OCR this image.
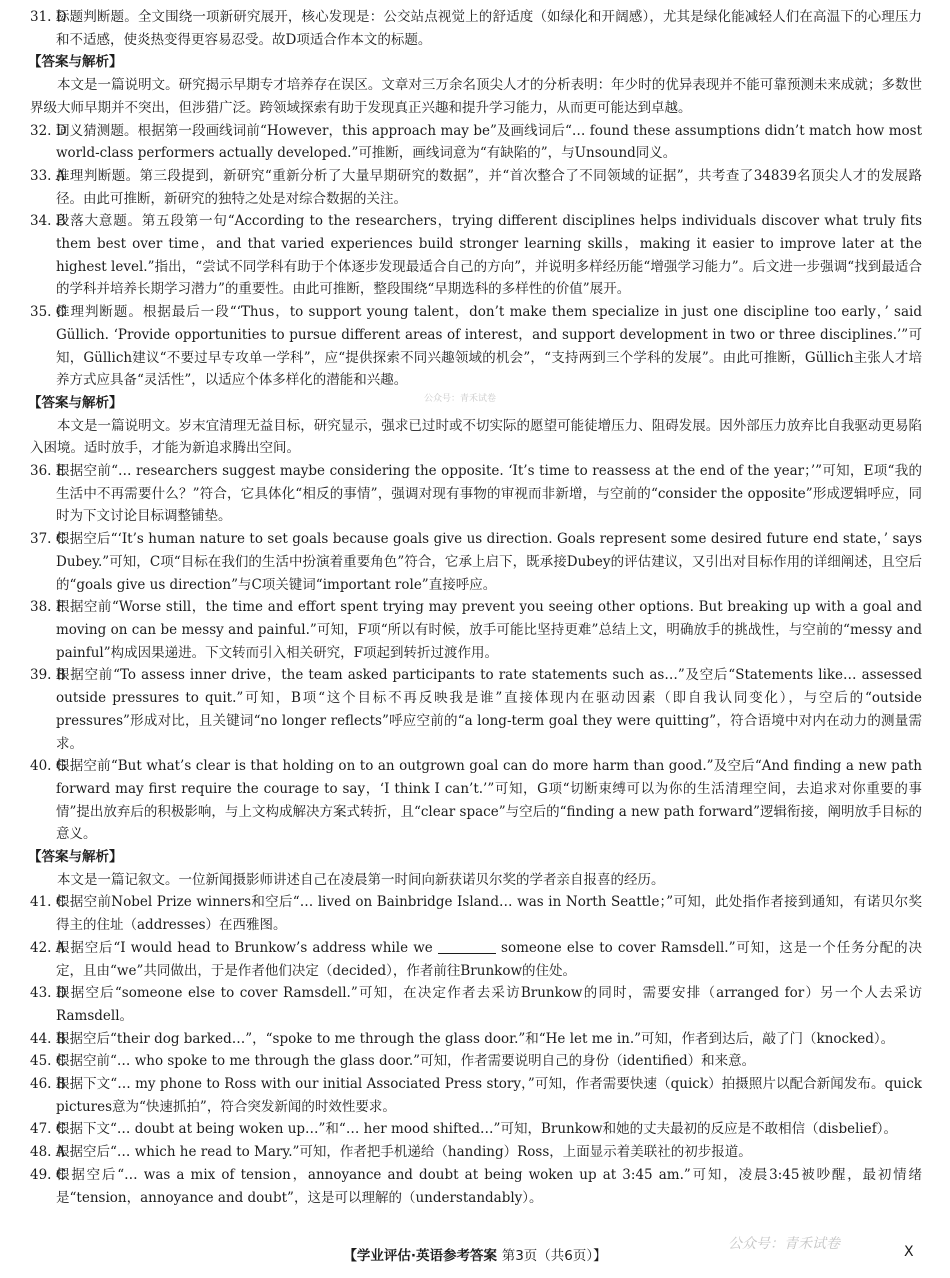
31. D
标题判断题。全文围绕一项新研究展开，核心发现是：公交站点视觉上的舒适度（如绿化和开阔感），尤其是绿化能减轻人们在高温下的心理压力和不适感，使炎热变得更容易忍受。故D项适合作本文的标题。
【答案与解析】
本文是一篇说明文。研究揭示早期专才培养存在误区。文章对三万余名顶尖人才的分析表明：年少时的优异表现并不能可靠预测未来成就；多数世界级大师早期并不突出，但涉猎广泛。跨领域探索有助于发现真正兴趣和提升学习能力，从而更可能达到卓越。
32. D
词义猜测题。根据第一段画线词前“However，this approach may be”及画线词后“… found these assumptions didn’t match how most world-class performers actually developed.”可推断，画线词意为“有缺陷的”，与Unsound同义。
33. A
推理判断题。第三段提到，新研究“重新分析了大量早期研究的数据”，并“首次整合了不同领域的证据”，共考查了34839名顶尖人才的发展路径。由此可推断，新研究的独特之处是对综合数据的关注。
34. B
段落大意题。第五段第一句“According to the researchers，trying different disciplines helps individuals discover what truly fits them best over time，and that varied experiences build stronger learning skills，making it easier to improve later at the highest level.”指出，“尝试不同学科有助于个体逐步发现最适合自己的方向”，并说明多样经历能“增强学习能力”。后文进一步强调“找到最适合的学科并培养长期学习潜力”的重要性。由此可推断，整段围绕“早期选科的多样性的价值”展开。
35. C
推理判断题。根据最后一段“‘Thus，to support young talent，don’t make them specialize in just one discipline too early，’ said Güllich. ‘Provide opportunities to pursue different areas of interest，and support development in two or three disciplines.’”可知，Güllich建议“不要过早专攻单一学科”，应“提供探索不同兴趣领域的机会”，“支持两到三个学科的发展”。由此可推断，Güllich主张人才培养方式应具备“灵活性”，以适应个体多样化的潜能和兴趣。
【答案与解析】
本文是一篇说明文。岁末宜清理无益目标，研究显示，强求已过时或不切实际的愿望可能徒增压力、阻碍发展。因外部压力放弃比自我驱动更易陷入困境。适时放手，才能为新追求腾出空间。
36. E
根据空前“… researchers suggest maybe considering the opposite. ‘It’s time to reassess at the end of the year；’”可知，E项“我的生活中不再需要什么？”符合，它具体化“相反的事情”，强调对现有事物的审视而非新增，与空前的“consider the opposite”形成逻辑呼应，同时为下文讨论目标调整铺垫。
37. C
根据空后“‘It’s human nature to set goals because goals give us direction. Goals represent some desired future end state，’ says Dubey.”可知，C项“目标在我们的生活中扮演着重要角色”符合，它承上启下，既承接Dubey的评估建议，又引出对目标作用的详细阐述，且空后的“goals give us direction”与C项关键词“important role”直接呼应。
38. F
根据空前“Worse still，the time and effort spent trying may prevent you seeing other options. But breaking up with a goal and moving on can be messy and painful.”可知，F项“所以有时候，放手可能比坚持更难”总结上文，明确放手的挑战性，与空前的“messy and painful”构成因果递进。下文转而引入相关研究，F项起到转折过渡作用。
39. B
根据空前“To assess inner drive，the team asked participants to rate statements such as…”及空后“Statements like… assessed outside pressures to quit.”可知，B项“这个目标不再反映我是谁”直接体现内在驱动因素（即自我认同变化），与空后的“outside pressures”形成对比，且关键词“no longer reflects”呼应空前的“a long-term goal they were quitting”，符合语境中对内在动力的测量需求。
40. G
根据空前“But what’s clear is that holding on to an outgrown goal can do more harm than good.”及空后“And finding a new path forward may first require the courage to say，‘I think I can’t.’”可知，G项“切断束缚可以为你的生活清理空间，去追求对你重要的事情”提出放弃后的积极影响，与上文构成解决方案式转折，且“clear space”与空后的“finding a new path forward”逻辑衔接，阐明放手目标的意义。
【答案与解析】
本文是一篇记叙文。一位新闻摄影师讲述自己在凌晨第一时间向新获诺贝尔奖的学者亲自报喜的经历。
41. C
根据空前Nobel Prize winners和空后“… lived on Bainbridge Island… was in North Seattle；”可知，此处指作者接到通知，有诺贝尔奖得主的住址（addresses）在西雅图。
42. A
根据空后“I would head to Brunkow’s address while we	someone else to cover Ramsdell.”可知，这是一个任务分配的决定，且由“we”共同做出，于是作者他们决定（decided），作者前往Brunkow的住处。
43. D
根据空后“someone else to cover Ramsdell.”可知，在决定作者去采访Brunkow的同时，需要安排（arranged for）另一个人去采访Ramsdell。
44. B
根据空后“their dog barked…”，“spoke to me through the glass door.”和“He let me in.”可知，作者到达后，敲了门（knocked）。
45. C
根据空前“… who spoke to me through the glass door.”可知，作者需要说明自己的身份（identified）和来意。
46. B
根据下文“… my phone to Ross with our initial Associated Press story，”可知，作者需要快速（quick）拍摄照片以配合新闻发布。quick pictures意为“快速抓拍”，符合突发新闻的时效性要求。
47. C
根据下文“… doubt at being woken up…”和“… her mood shifted…”可知，Brunkow和她的丈夫最初的反应是不敢相信（disbelief）。
48. A
根据空后“… which he read to Mary.”可知，作者把手机递给（handing）Ross，上面显示着美联社的初步报道。
49. C
根据空后“… was a mix of tension，annoyance and doubt at being woken up at 3:45 am.”可知，凌晨3:45被吵醒，最初情绪是“tension，annoyance and doubt”，这是可以理解的（understandably）。
公众号：青禾试卷
【学业评估·英语参考答案 第3页（共6页）】
公众号：青禾试卷	X
